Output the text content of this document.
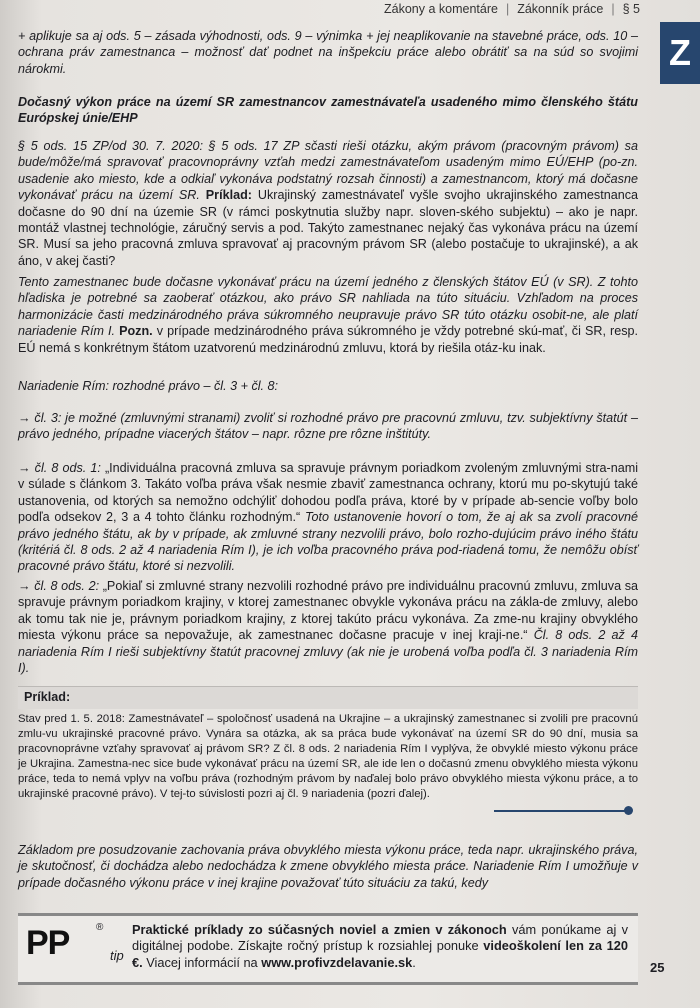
Zákony a komentáre | Zákonník práce | § 5
Z

+ aplikuje sa aj ods. 5 – zásada výhodnosti, ods. 9 – výnimka + jej neaplikovanie na stavebné práce, ods. 10 – ochrana práv zamestnanca – možnosť dať podnet na inšpekciu práce alebo obrátiť sa na súd so svojimi nárokmi.

Dočasný výkon práce na území SR zamestnancov zamestnávateľa usadeného mimo členského štátu Európskej únie/EHP

§ 5 ods. 15 ZP/od 30. 7. 2020: § 5 ods. 17 ZP sčasti rieši otázku, akým právom (pracovným právom) sa bude/môže/má spravovať pracovnoprávny vzťah medzi zamestnávateľom usadeným mimo EÚ/EHP (po-zn. usadenie ako miesto, kde a odkiaľ vykonáva podstatný rozsah činnosti) a zamestnancom, ktorý má dočasne vykonávať prácu na území SR. Príklad: Ukrajinský zamestnávateľ vyšle svojho ukrajinského zamestnanca dočasne do 90 dní na územie SR (v rámci poskytnutia služby napr. sloven-ského subjektu) – ako je napr. montáž vlastnej technológie, záručný servis a pod. Takýto zamestnanec nejaký čas vykonáva prácu na území SR. Musí sa jeho pracovná zmluva spravovať aj pracovným právom SR (alebo postačuje to ukrajinské), a ak áno, v akej časti?

Tento zamestnanec bude dočasne vykonávať prácu na území jedného z členských štátov EÚ (v SR). Z tohto hľadiska je potrebné sa zaoberať otázkou, ako právo SR nahliada na túto situáciu. Vzhľadom na proces harmonizácie časti medzinárodného práva súkromného neupravuje právo SR túto otázku osobit-ne, ale platí nariadenie Rím I. Pozn. v prípade medzinárodného práva súkromného je vždy potrebné skú-mať, či SR, resp. EÚ nemá s konkrétnym štátom uzatvorenú medzinárodnú zmluvu, ktorá by riešila otáz-ku inak.

Nariadenie Rím: rozhodné právo – čl. 3 + čl. 8:

→ čl. 3: je možné (zmluvnými stranami) zvoliť si rozhodné právo pre pracovnú zmluvu, tzv. subjektívny štatút – právo jedného, prípadne viacerých štátov – napr. rôzne pre rôzne inštitúty.

→ čl. 8 ods. 1: „Individuálna pracovná zmluva sa spravuje právnym poriadkom zvoleným zmluvnými stra-nami v súlade s článkom 3. Takáto voľba práva však nesmie zbaviť zamestnanca ochrany, ktorú mu po-skytujú také ustanovenia, od ktorých sa nemožno odchýliť dohodou podľa práva, ktoré by v prípade ab-sencie voľby bolo podľa odsekov 2, 3 a 4 tohto článku rozhodným.“ Toto ustanovenie hovorí o tom, že aj ak sa zvolí pracovné právo jedného štátu, ak by v prípade, ak zmluvné strany nezvolili právo, bolo rozho-dujúcim právo iného štátu (kritériá čl. 8 ods. 2 až 4 nariadenia Rím I), je ich voľba pracovného práva pod-riadená tomu, že nemôžu obísť pracovné právo štátu, ktoré si nezvolili.

→ čl. 8 ods. 2: „Pokiaľ si zmluvné strany nezvolili rozhodné právo pre individuálnu pracovnú zmluvu, zmluva sa spravuje právnym poriadkom krajiny, v ktorej zamestnanec obvykle vykonáva prácu na zákla-de zmluvy, alebo ak tomu tak nie je, právnym poriadkom krajiny, z ktorej takúto prácu vykonáva. Za zme-nu krajiny obvyklého miesta výkonu práce sa nepovažuje, ak zamestnanec dočasne pracuje v inej kraji-ne.“ Čl. 8 ods. 2 až 4 nariadenia Rím I rieši subjektívny štatút pracovnej zmluvy (ak nie je urobená voľba podľa čl. 3 nariadenia Rím I).

Príklad:

Stav pred 1. 5. 2018: Zamestnávateľ – spoločnosť usadená na Ukrajine – a ukrajinský zamestnanec si zvolili pre pracovnú zmlu-vu ukrajinské pracovné právo. Vynára sa otázka, ak sa práca bude vykonávať na území SR do 90 dní, musia sa pracovnoprávne vzťahy spravovať aj právom SR? Z čl. 8 ods. 2 nariadenia Rím I vyplýva, že obvyklé miesto výkonu práce je Ukrajina. Zamestna-nec sice bude vykonávať prácu na území SR, ale ide len o dočasnú zmenu obvyklého miesta výkonu práce, teda to nemá vplyv na voľbu práva (rozhodným právom by naďalej bolo právo obvyklého miesta výkonu práce, a to ukrajinské pracovné právo). V tej-to súvislosti pozri aj čl. 9 nariadenia (pozri ďalej).

Základom pre posudzovanie zachovania práva obvyklého miesta výkonu práce, teda napr. ukrajinského práva, je skutočnosť, či dochádza alebo nedochádza k zmene obvyklého miesta práce. Nariadenie Rím I umožňuje v prípade dočasného výkonu práce v inej krajine považovať túto situáciu za takú, kedy

PP	®
tip

Praktické príklady zo súčasných noviel a zmien v zákonoch vám ponúkame aj v digitálnej podobe. Získajte ročný prístup k rozsiahlej ponuke videoškolení len za 120 €. Viacej informácií na www.profivzdelavanie.sk.	25
